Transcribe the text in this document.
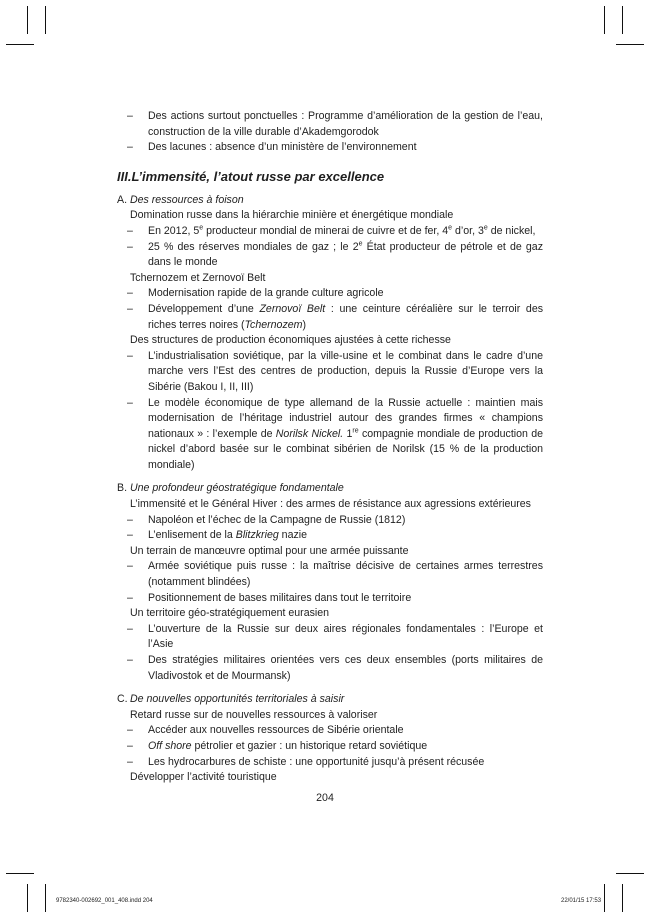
– Des actions surtout ponctuelles : Programme d’amélioration de la gestion de l’eau, construction de la ville durable d’Akademgorodok
– Des lacunes : absence d’un ministère de l’environnement
III.L’immensité, l’atout russe par excellence
A. Des ressources à foison
Domination russe dans la hiérarchie minière et énergétique mondiale
– En 2012, 5e producteur mondial de minerai de cuivre et de fer, 4e d’or, 3e de nickel,
– 25 % des réserves mondiales de gaz ; le 2e État producteur de pétrole et de gaz dans le monde
Tchernozem et Zernovoï Belt
– Modernisation rapide de la grande culture agricole
– Développement d’une Zernovoï Belt : une ceinture céréalière sur le terroir des riches terres noires (Tchernozem)
Des structures de production économiques ajustées à cette richesse
– L’industrialisation soviétique, par la ville-usine et le combinat dans le cadre d’une marche vers l’Est des centres de production, depuis la Russie d’Europe vers la Sibérie (Bakou I, II, III)
– Le modèle économique de type allemand de la Russie actuelle : maintien mais modernisation de l’héritage industriel autour des grandes firmes « champions nationaux » : l’exemple de Norilsk Nickel. 1re compagnie mondiale de production de nickel d’abord basée sur le combinat sibérien de Norilsk (15 % de la production mondiale)
B. Une profondeur géostratégique fondamentale
L’immensité et le Général Hiver : des armes de résistance aux agressions extérieures
– Napoléon et l’échec de la Campagne de Russie (1812)
– L’enlisement de la Blitzkrieg nazie
Un terrain de manœuvre optimal pour une armée puissante
– Armée soviétique puis russe : la maîtrise décisive de certaines armes terrestres (notamment blindées)
– Positionnement de bases militaires dans tout le territoire
Un territoire géo-stratégiquement eurasien
– L’ouverture de la Russie sur deux aires régionales fondamentales : l’Europe et l’Asie
– Des stratégies militaires orientées vers ces deux ensembles (ports militaires de Vladivostok et de Mourmansk)
C. De nouvelles opportunités territoriales à saisir
Retard russe sur de nouvelles ressources à valoriser
– Accéder aux nouvelles ressources de Sibérie orientale
– Off shore pétrolier et gazier : un historique retard soviétique
– Les hydrocarbures de schiste : une opportunité jusqu’à présent récusée
Développer l’activité touristique
204
9782340-002692_001_408.indd 204	22/01/15 17:53
